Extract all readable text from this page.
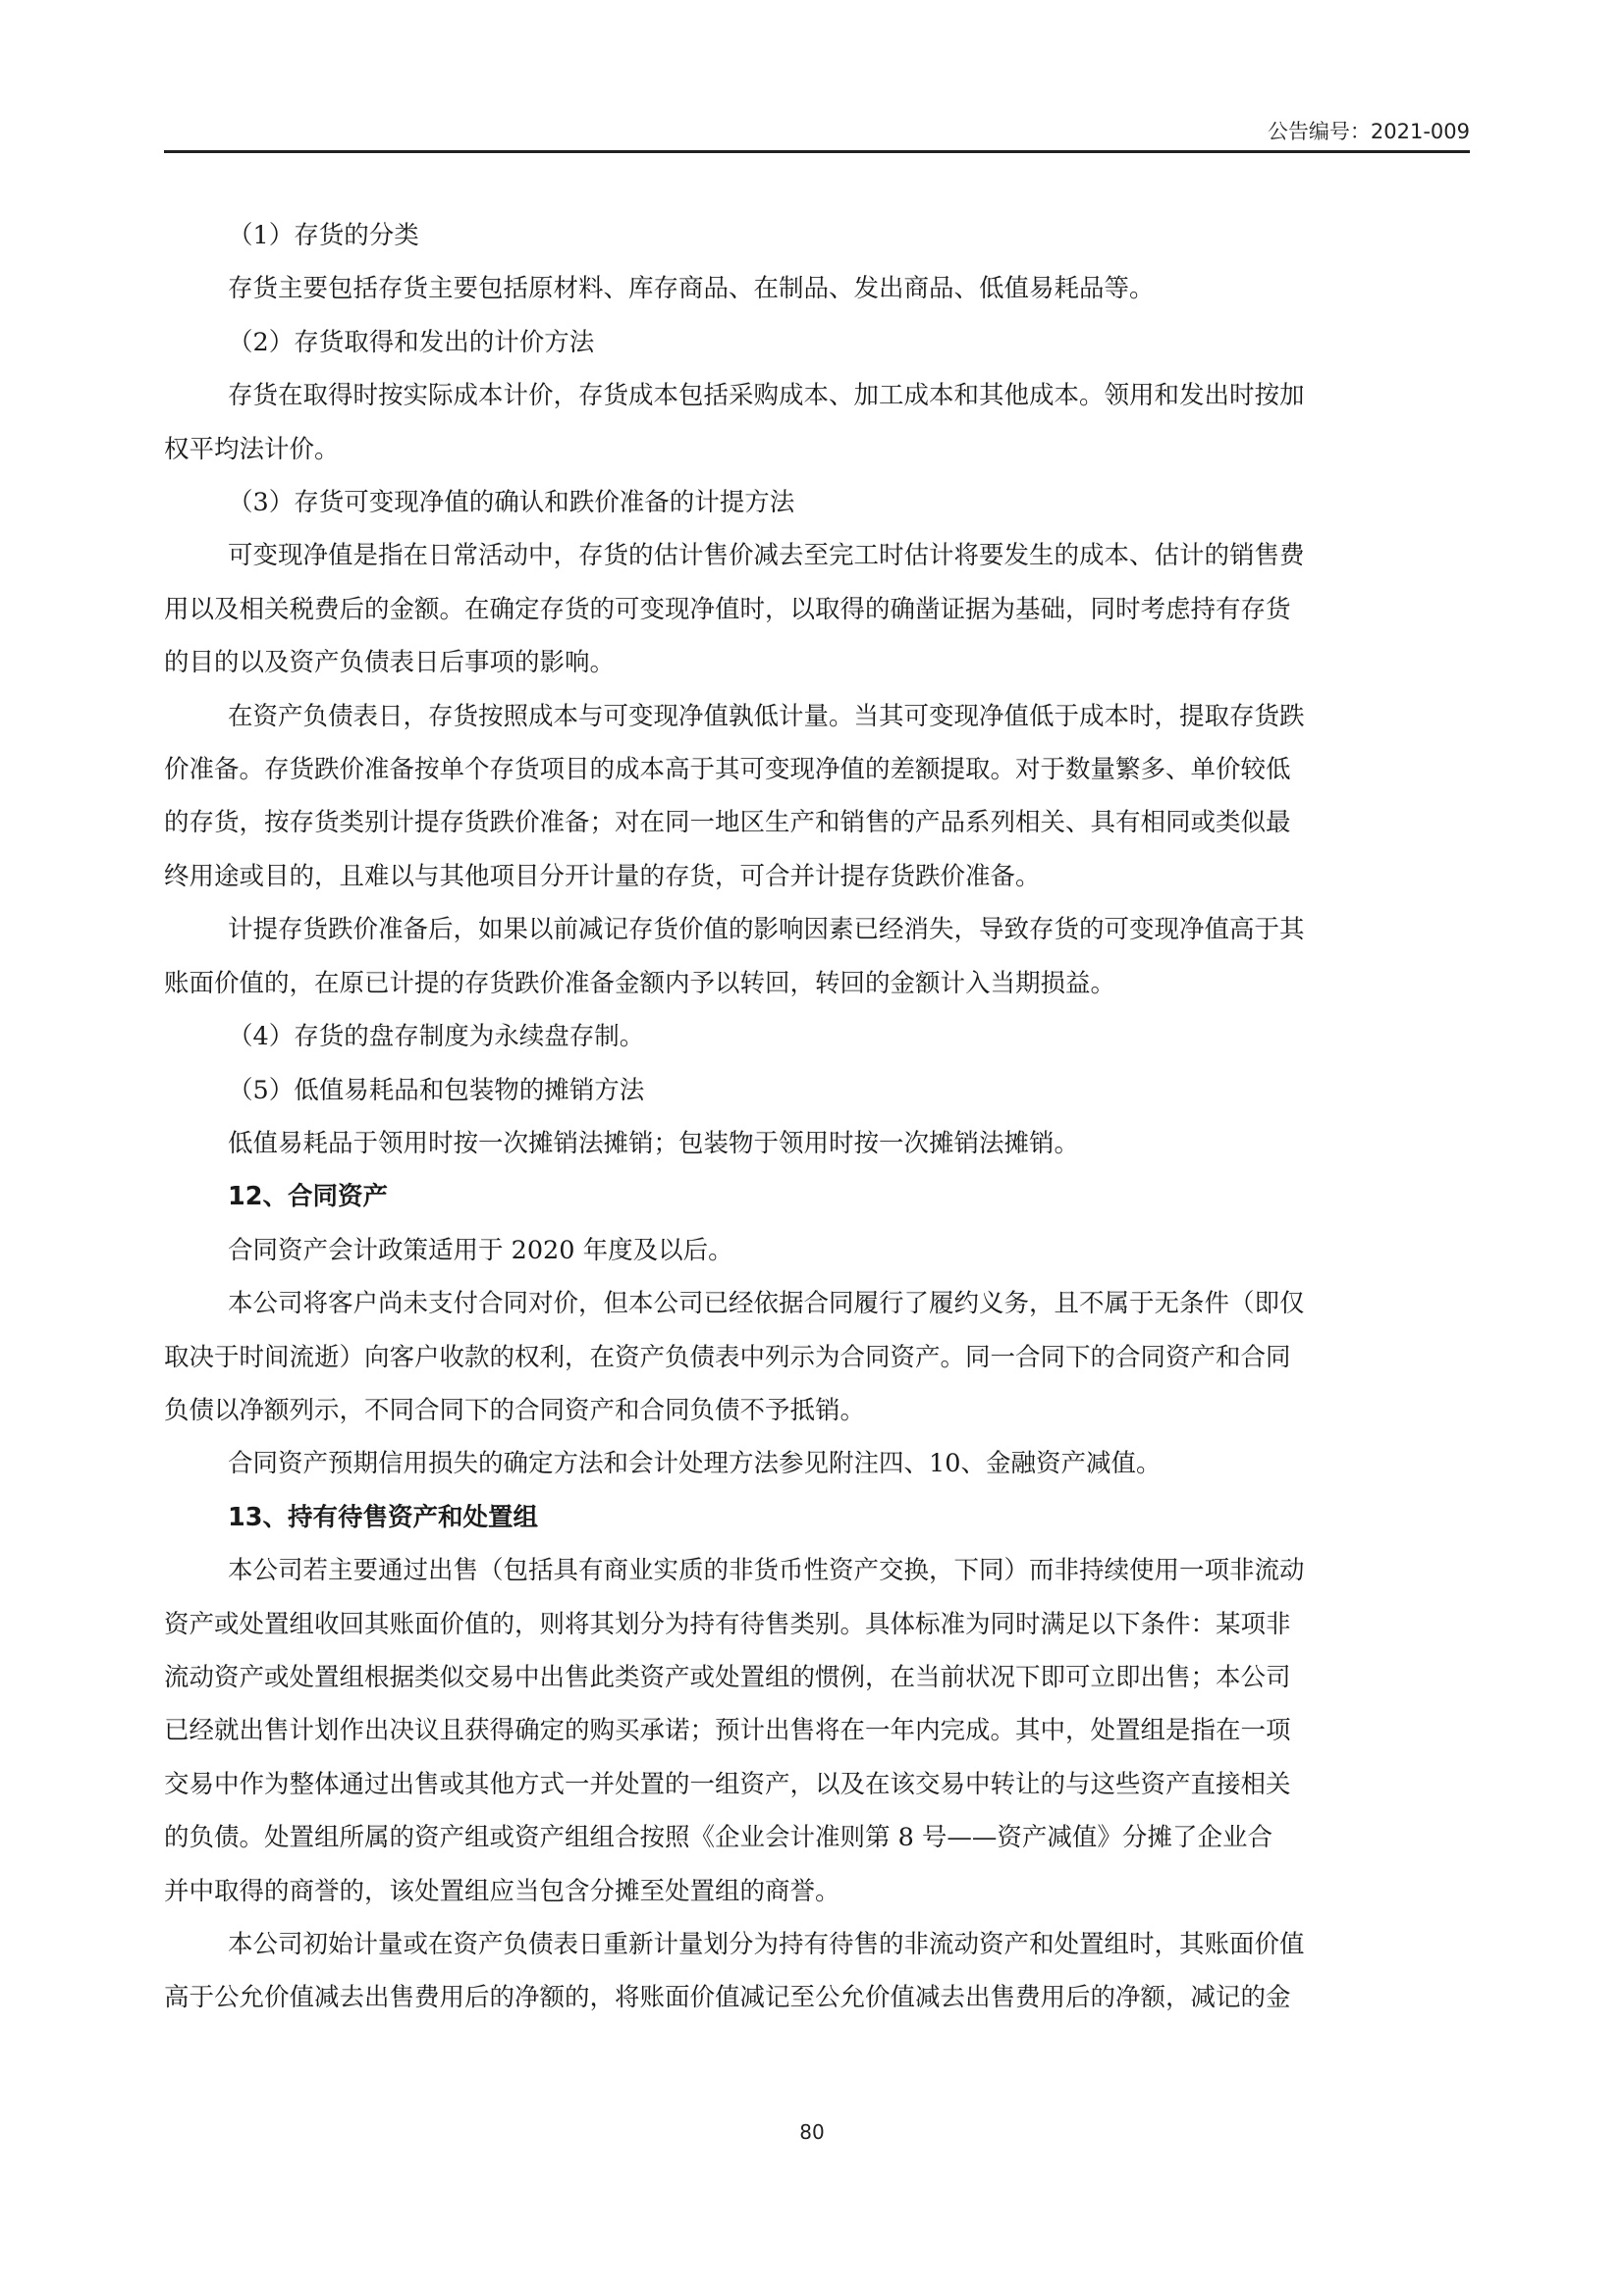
公告编号：2021-009

（1）存货的分类

存货主要包括存货主要包括原材料、库存商品、在制品、发出商品、低值易耗品等。

（2）存货取得和发出的计价方法

存货在取得时按实际成本计价，存货成本包括采购成本、加工成本和其他成本。领用和发出时按加

权平均法计价。

（3）存货可变现净值的确认和跌价准备的计提方法

可变现净值是指在日常活动中，存货的估计售价减去至完工时估计将要发生的成本、估计的销售费

用以及相关税费后的金额。在确定存货的可变现净值时，以取得的确凿证据为基础，同时考虑持有存货

的目的以及资产负债表日后事项的影响。

在资产负债表日，存货按照成本与可变现净值孰低计量。当其可变现净值低于成本时，提取存货跌

价准备。存货跌价准备按单个存货项目的成本高于其可变现净值的差额提取。对于数量繁多、单价较低

的存货，按存货类别计提存货跌价准备；对在同一地区生产和销售的产品系列相关、具有相同或类似最

终用途或目的，且难以与其他项目分开计量的存货，可合并计提存货跌价准备。

计提存货跌价准备后，如果以前减记存货价值的影响因素已经消失，导致存货的可变现净值高于其

账面价值的，在原已计提的存货跌价准备金额内予以转回，转回的金额计入当期损益。

（4）存货的盘存制度为永续盘存制。

（5）低值易耗品和包装物的摊销方法

低值易耗品于领用时按一次摊销法摊销；包装物于领用时按一次摊销法摊销。

12、合同资产

合同资产会计政策适用于 2020 年度及以后。

本公司将客户尚未支付合同对价，但本公司已经依据合同履行了履约义务，且不属于无条件（即仅

取决于时间流逝）向客户收款的权利，在资产负债表中列示为合同资产。同一合同下的合同资产和合同

负债以净额列示，不同合同下的合同资产和合同负债不予抵销。

合同资产预期信用损失的确定方法和会计处理方法参见附注四、10、金融资产减值。

13、持有待售资产和处置组

本公司若主要通过出售（包括具有商业实质的非货币性资产交换，下同）而非持续使用一项非流动

资产或处置组收回其账面价值的，则将其划分为持有待售类别。具体标准为同时满足以下条件：某项非

流动资产或处置组根据类似交易中出售此类资产或处置组的惯例，在当前状况下即可立即出售；本公司

已经就出售计划作出决议且获得确定的购买承诺；预计出售将在一年内完成。其中，处置组是指在一项

交易中作为整体通过出售或其他方式一并处置的一组资产，以及在该交易中转让的与这些资产直接相关

的负债。处置组所属的资产组或资产组组合按照《企业会计准则第 8 号——资产减值》分摊了企业合

并中取得的商誉的，该处置组应当包含分摊至处置组的商誉。

本公司初始计量或在资产负债表日重新计量划分为持有待售的非流动资产和处置组时，其账面价值

高于公允价值减去出售费用后的净额的，将账面价值减记至公允价值减去出售费用后的净额，减记的金

80
